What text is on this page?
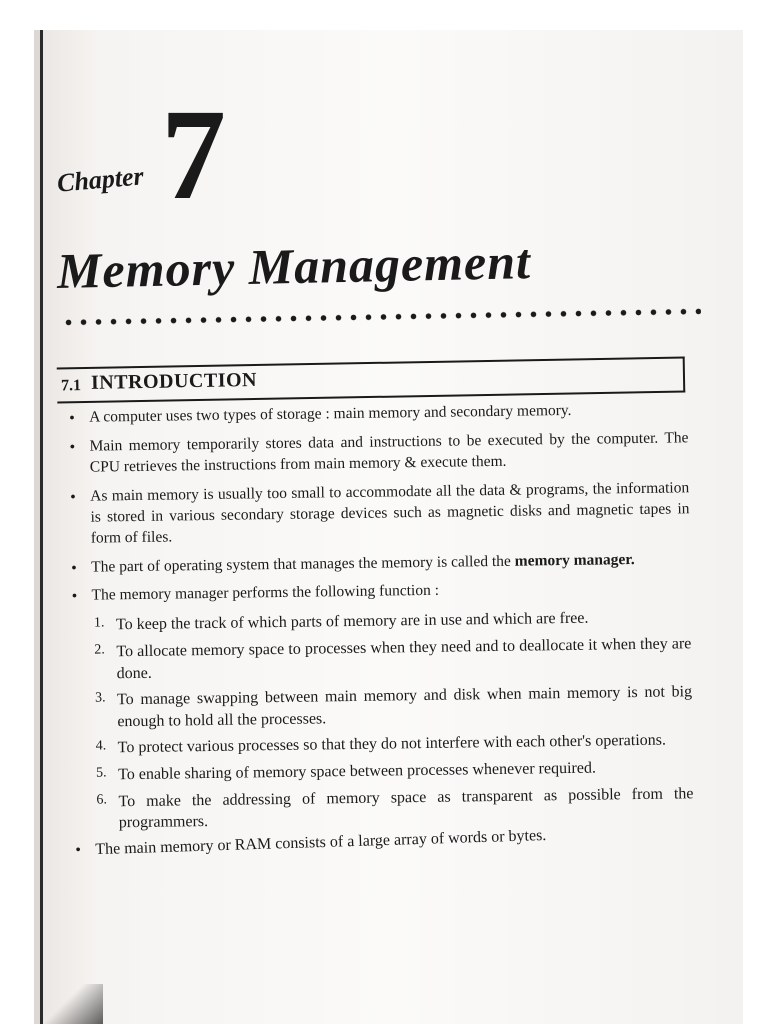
Chapter 7
Memory Management
7.1 INTRODUCTION
• A computer uses two types of storage : main memory and secondary memory.
• Main memory temporarily stores data and instructions to be executed by the computer. The CPU retrieves the instructions from main memory & execute them.
• As main memory is usually too small to accommodate all the data & programs, the information is stored in various secondary storage devices such as magnetic disks and magnetic tapes in form of files.
• The part of operating system that manages the memory is called the memory manager.
• The memory manager performs the following function :
1. To keep the track of which parts of memory are in use and which are free.
2. To allocate memory space to processes when they need and to deallocate it when they are done.
3. To manage swapping between main memory and disk when main memory is not big enough to hold all the processes.
4. To protect various processes so that they do not interfere with each other's operations.
5. To enable sharing of memory space between processes whenever required.
6. To make the addressing of memory space as transparent as possible from the programmers.
• The main memory or RAM consists of a large array of words or bytes.
